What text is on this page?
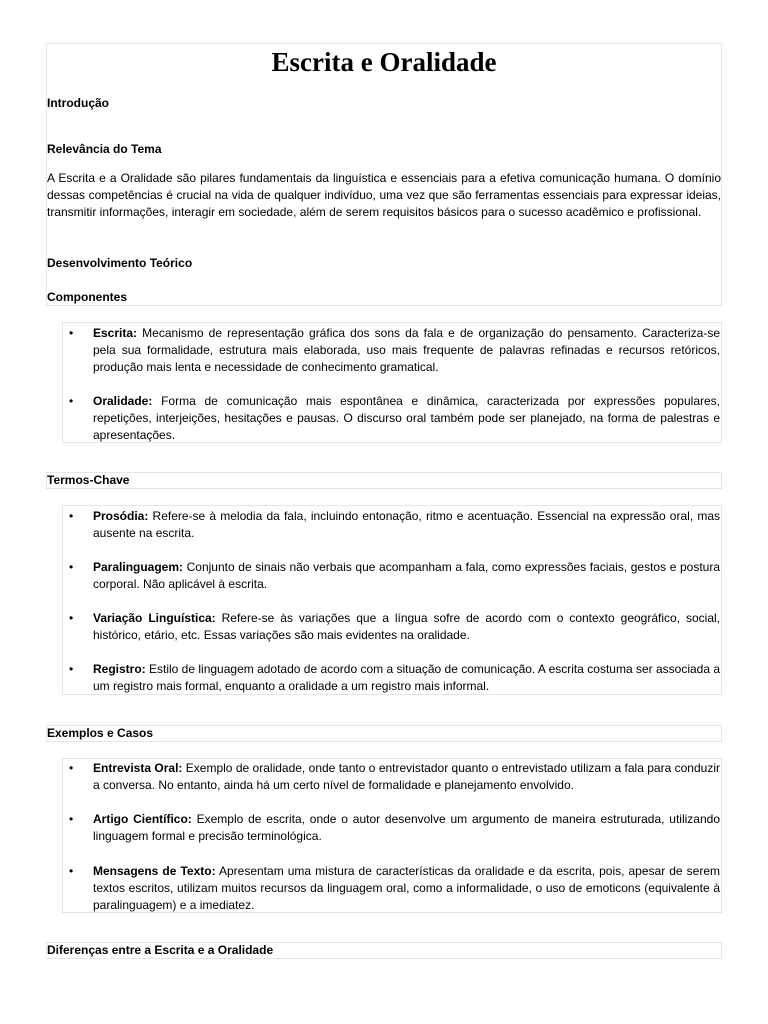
Escrita e Oralidade
Introdução
Relevância do Tema
A Escrita e a Oralidade são pilares fundamentais da linguística e essenciais para a efetiva comunicação humana. O domínio dessas competências é crucial na vida de qualquer indivíduo, uma vez que são ferramentas essenciais para expressar ideias, transmitir informações, interagir em sociedade, além de serem requisitos básicos para o sucesso acadêmico e profissional.
Desenvolvimento Teórico
Componentes
• Escrita: Mecanismo de representação gráfica dos sons da fala e de organização do pensamento. Caracteriza-se pela sua formalidade, estrutura mais elaborada, uso mais frequente de palavras refinadas e recursos retóricos, produção mais lenta e necessidade de conhecimento gramatical.
• Oralidade: Forma de comunicação mais espontânea e dinâmica, caracterizada por expressões populares, repetições, interjeições, hesitações e pausas. O discurso oral também pode ser planejado, na forma de palestras e apresentações.
Termos-Chave
• Prosódia: Refere-se à melodia da fala, incluindo entonação, ritmo e acentuação. Essencial na expressão oral, mas ausente na escrita.
• Paralinguagem: Conjunto de sinais não verbais que acompanham a fala, como expressões faciais, gestos e postura corporal. Não aplicável à escrita.
• Variação Linguística: Refere-se às variações que a língua sofre de acordo com o contexto geográfico, social, histórico, etário, etc. Essas variações são mais evidentes na oralidade.
• Registro: Estilo de linguagem adotado de acordo com a situação de comunicação. A escrita costuma ser associada a um registro mais formal, enquanto a oralidade a um registro mais informal.
Exemplos e Casos
• Entrevista Oral: Exemplo de oralidade, onde tanto o entrevistador quanto o entrevistado utilizam a fala para conduzir a conversa. No entanto, ainda há um certo nível de formalidade e planejamento envolvido.
• Artigo Científico: Exemplo de escrita, onde o autor desenvolve um argumento de maneira estruturada, utilizando linguagem formal e precisão terminológica.
• Mensagens de Texto: Apresentam uma mistura de características da oralidade e da escrita, pois, apesar de serem textos escritos, utilizam muitos recursos da linguagem oral, como a informalidade, o uso de emoticons (equivalente à paralinguagem) e a imediatez.
Diferenças entre a Escrita e a Oralidade
